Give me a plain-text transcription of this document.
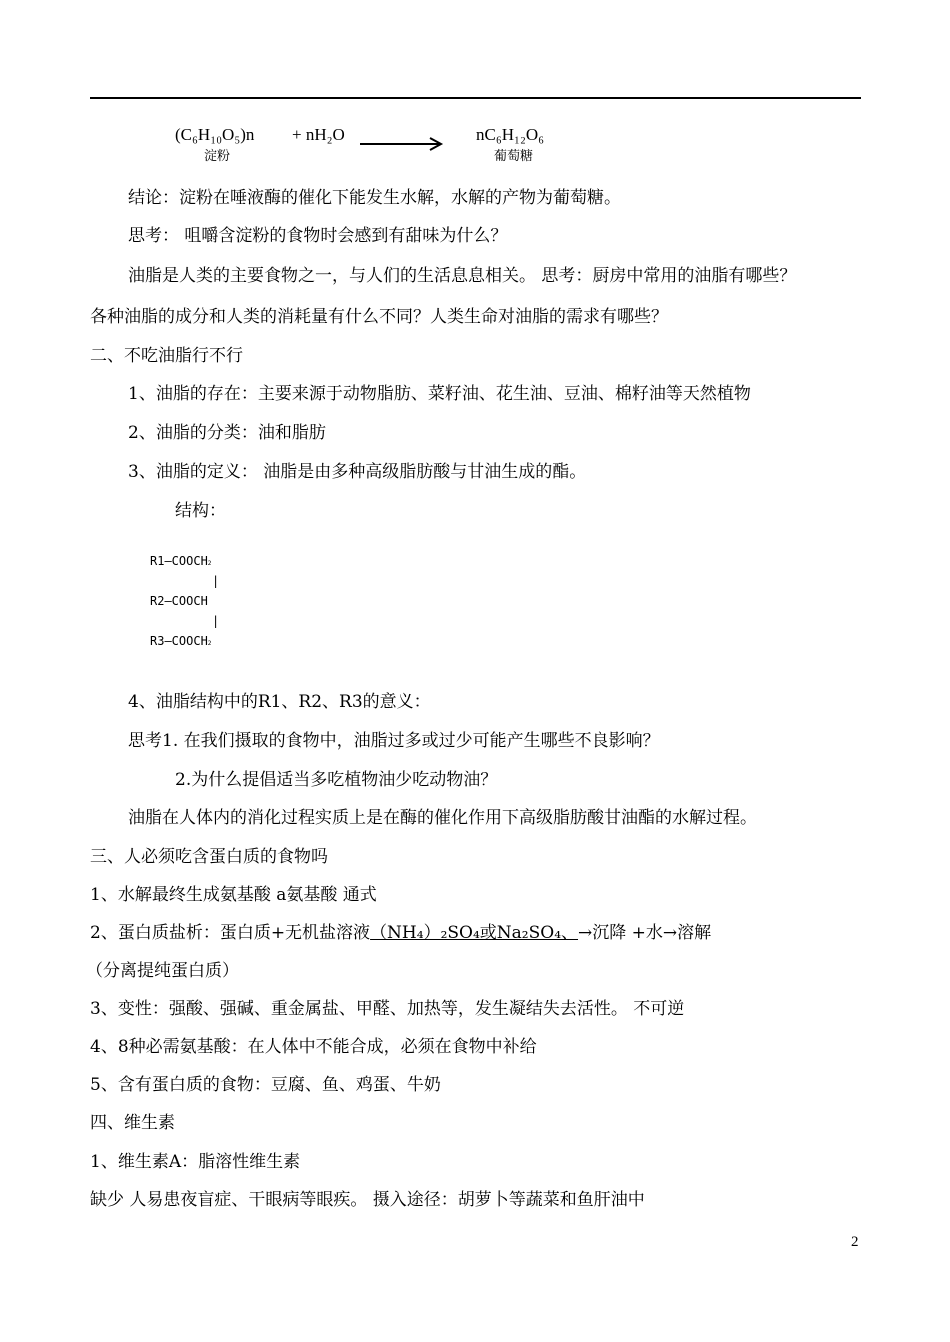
(C₆H₁₀O₅)n + nH₂O	nC₆H₁₂O₆
淀粉	葡萄糖
结论：淀粉在唾液酶的催化下能发生水解，水解的产物为葡萄糖。
思考： 咀嚼含淀粉的食物时会感到有甜味为什么？
油脂是人类的主要食物之一，与人们的生活息息相关。 思考：厨房中常用的油脂有哪些？
各种油脂的成分和人类的消耗量有什么不同？人类生命对油脂的需求有哪些？
二、不吃油脂行不行
1、油脂的存在：主要来源于动物脂肪、菜籽油、花生油、豆油、棉籽油等天然植物
2、油脂的分类：油和脂肪
3、油脂的定义： 油脂是由多种高级脂肪酸与甘油生成的酯。
结构：
R1—COOCH2
|
R2—COOCH
|
R3—COOCH2
4、油脂结构中的R1、R2、R3的意义：
思考1. 在我们摄取的食物中，油脂过多或过少可能产生哪些不良影响？
2.为什么提倡适当多吃植物油少吃动物油？
油脂在人体内的消化过程实质上是在酶的催化作用下高级脂肪酸甘油酯的水解过程。
三、人必须吃含蛋白质的食物吗
1、水解最终生成氨基酸 a氨基酸 通式
2、蛋白质盐析：蛋白质+无机盐溶液（NH₄）₂SO₄或Na₂SO₄、→沉降 +水→溶解
（分离提纯蛋白质）
3、变性：强酸、强碱、重金属盐、甲醛、加热等，发生凝结失去活性。 不可逆
4、8种必需氨基酸：在人体中不能合成，必须在食物中补给
5、含有蛋白质的食物：豆腐、鱼、鸡蛋、牛奶
四、维生素
1、维生素A：脂溶性维生素
缺少 人易患夜盲症、干眼病等眼疾。 摄入途径：胡萝卜等蔬菜和鱼肝油中
2
